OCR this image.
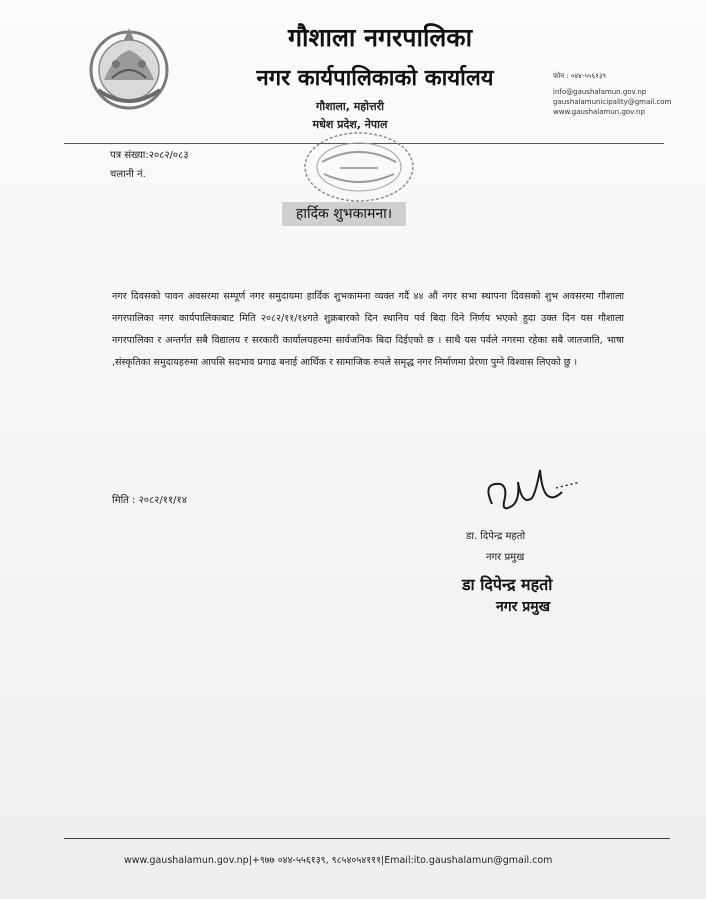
गौशाला नगरपालिका
नगर कार्यपालिकाको कार्यालय
गौशाला, महोत्तरी
मधेश प्रदेश, नेपाल
फोन : ०४४-५५६१३९
info@gaushalamun.gov.np
gaushalamunicipality@gmail.com
www.gaushalamun.gov.np
पत्र संख्या:२०८२/०८३
चलानी नं.
हार्दिक शुभकामना।
नगर दिवसको पावन अवसरमा सम्पूर्ण नगर समुदायमा हार्दिक शुभकामना व्यक्त गर्दै ४४ औं नगर सभा स्थापना दिवसको शुभ अवसरमा गौशाला नगरपालिका नगर कार्यपालिकाबाट मिति २०८२/११/१४गते शुक्रबारको दिन स्थानिय पर्व बिदा दिने निर्णय भएको हुदा उक्त दिन यस गौशाला नगरपालिका र अन्तर्गत सबै विद्यालय र सरकारी कार्यालयहरुमा सार्वजनिक बिदा दिईएको छ । साथै यस पर्वले नगरमा रहेका सबै जातजाति, भाषा ,संस्कृतिका समुदायहरुमा आपसि सदभाव प्रगाढ बनाई आर्थिक र सामाजिक रुपले समृद्ध नगर निर्माणमा प्रेरणा पुग्ने विश्वास लिएको छु ।
मिति : २०८२/११/१४
डा. दिपेन्द्र महतो
नगर प्रमुख
डा दिपेन्द्र महतो
नगर प्रमुख
www.gaushalamun.gov.np|+९७७ ०४४-५५६१३९, ९८५४०५४१११|Email:ito.gaushalamun@gmail.com
